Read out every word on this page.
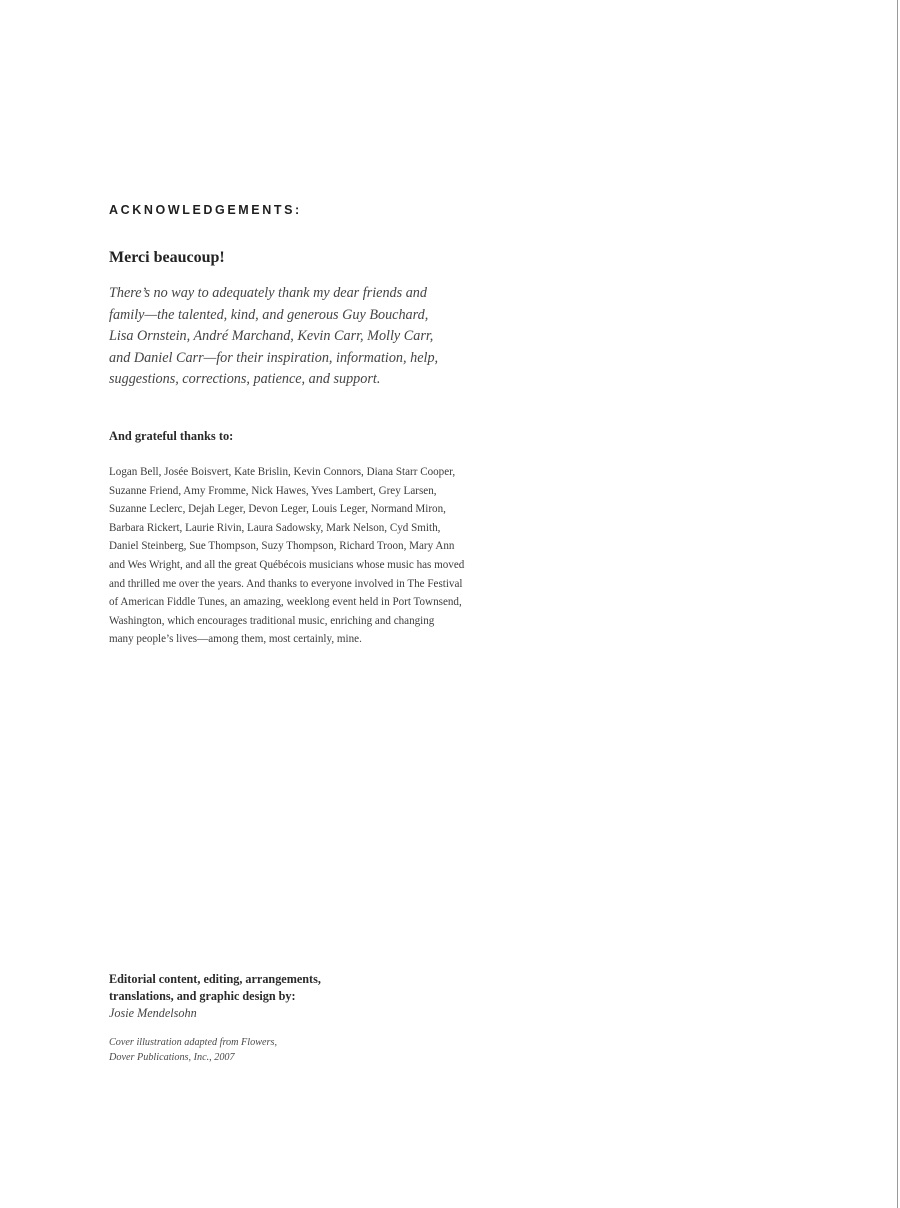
ACKNOWLEDGEMENTS:
Merci beaucoup!

There’s no way to adequately thank my dear friends and
family—the talented, kind, and generous Guy Bouchard,
Lisa Ornstein, André Marchand, Kevin Carr, Molly Carr,
and Daniel Carr—for their inspiration, information, help,
suggestions, corrections, patience, and support.

And grateful thanks to:

Logan Bell, Josée Boisvert, Kate Brislin, Kevin Connors, Diana Starr Cooper,
Suzanne Friend, Amy Fromme, Nick Hawes, Yves Lambert, Grey Larsen,
Suzanne Leclerc, Dejah Leger, Devon Leger, Louis Leger, Normand Miron,
Barbara Rickert, Laurie Rivin, Laura Sadowsky, Mark Nelson, Cyd Smith,
Daniel Steinberg, Sue Thompson, Suzy Thompson, Richard Troon, Mary Ann
and Wes Wright, and all the great Québécois musicians whose music has moved
and thrilled me over the years. And thanks to everyone involved in The Festival
of American Fiddle Tunes, an amazing, weeklong event held in Port Townsend,
Washington, which encourages traditional music, enriching and changing
many people’s lives—among them, most certainly, mine.

Editorial content, editing, arrangements,
translations, and graphic design by:
Josie Mendelsohn

Cover illustration adapted from Flowers,
Dover Publications, Inc., 2007
